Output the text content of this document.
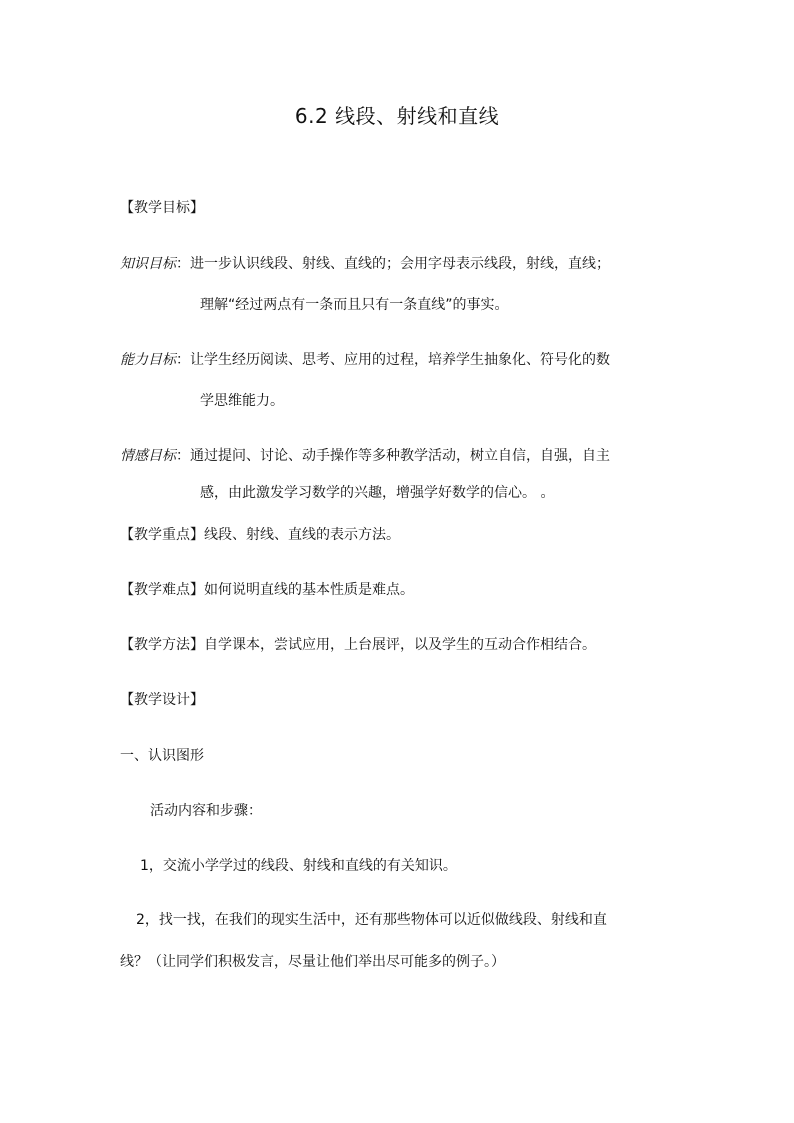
6.2 线段、射线和直线
【教学目标】
知识目标：进一步认识线段、射线、直线的；会用字母表示线段，射线，直线；
理解“经过两点有一条而且只有一条直线”的事实。
能力目标：让学生经历阅读、思考、应用的过程，培养学生抽象化、符号化的数
学思维能力。
情感目标：通过提问、讨论、动手操作等多种教学活动，树立自信，自强，自主
感，由此激发学习数学的兴趣，增强学好数学的信心。 。
【教学重点】线段、射线、直线的表示方法。
【教学难点】如何说明直线的基本性质是难点。
【教学方法】自学课本，尝试应用，上台展评，以及学生的互动合作相结合。
【教学设计】
一、认识图形
活动内容和步骤：
1，交流小学学过的线段、射线和直线的有关知识。
2，找一找，在我们的现实生活中，还有那些物体可以近似做线段、射线和直
线？（让同学们积极发言，尽量让他们举出尽可能多的例子。）
